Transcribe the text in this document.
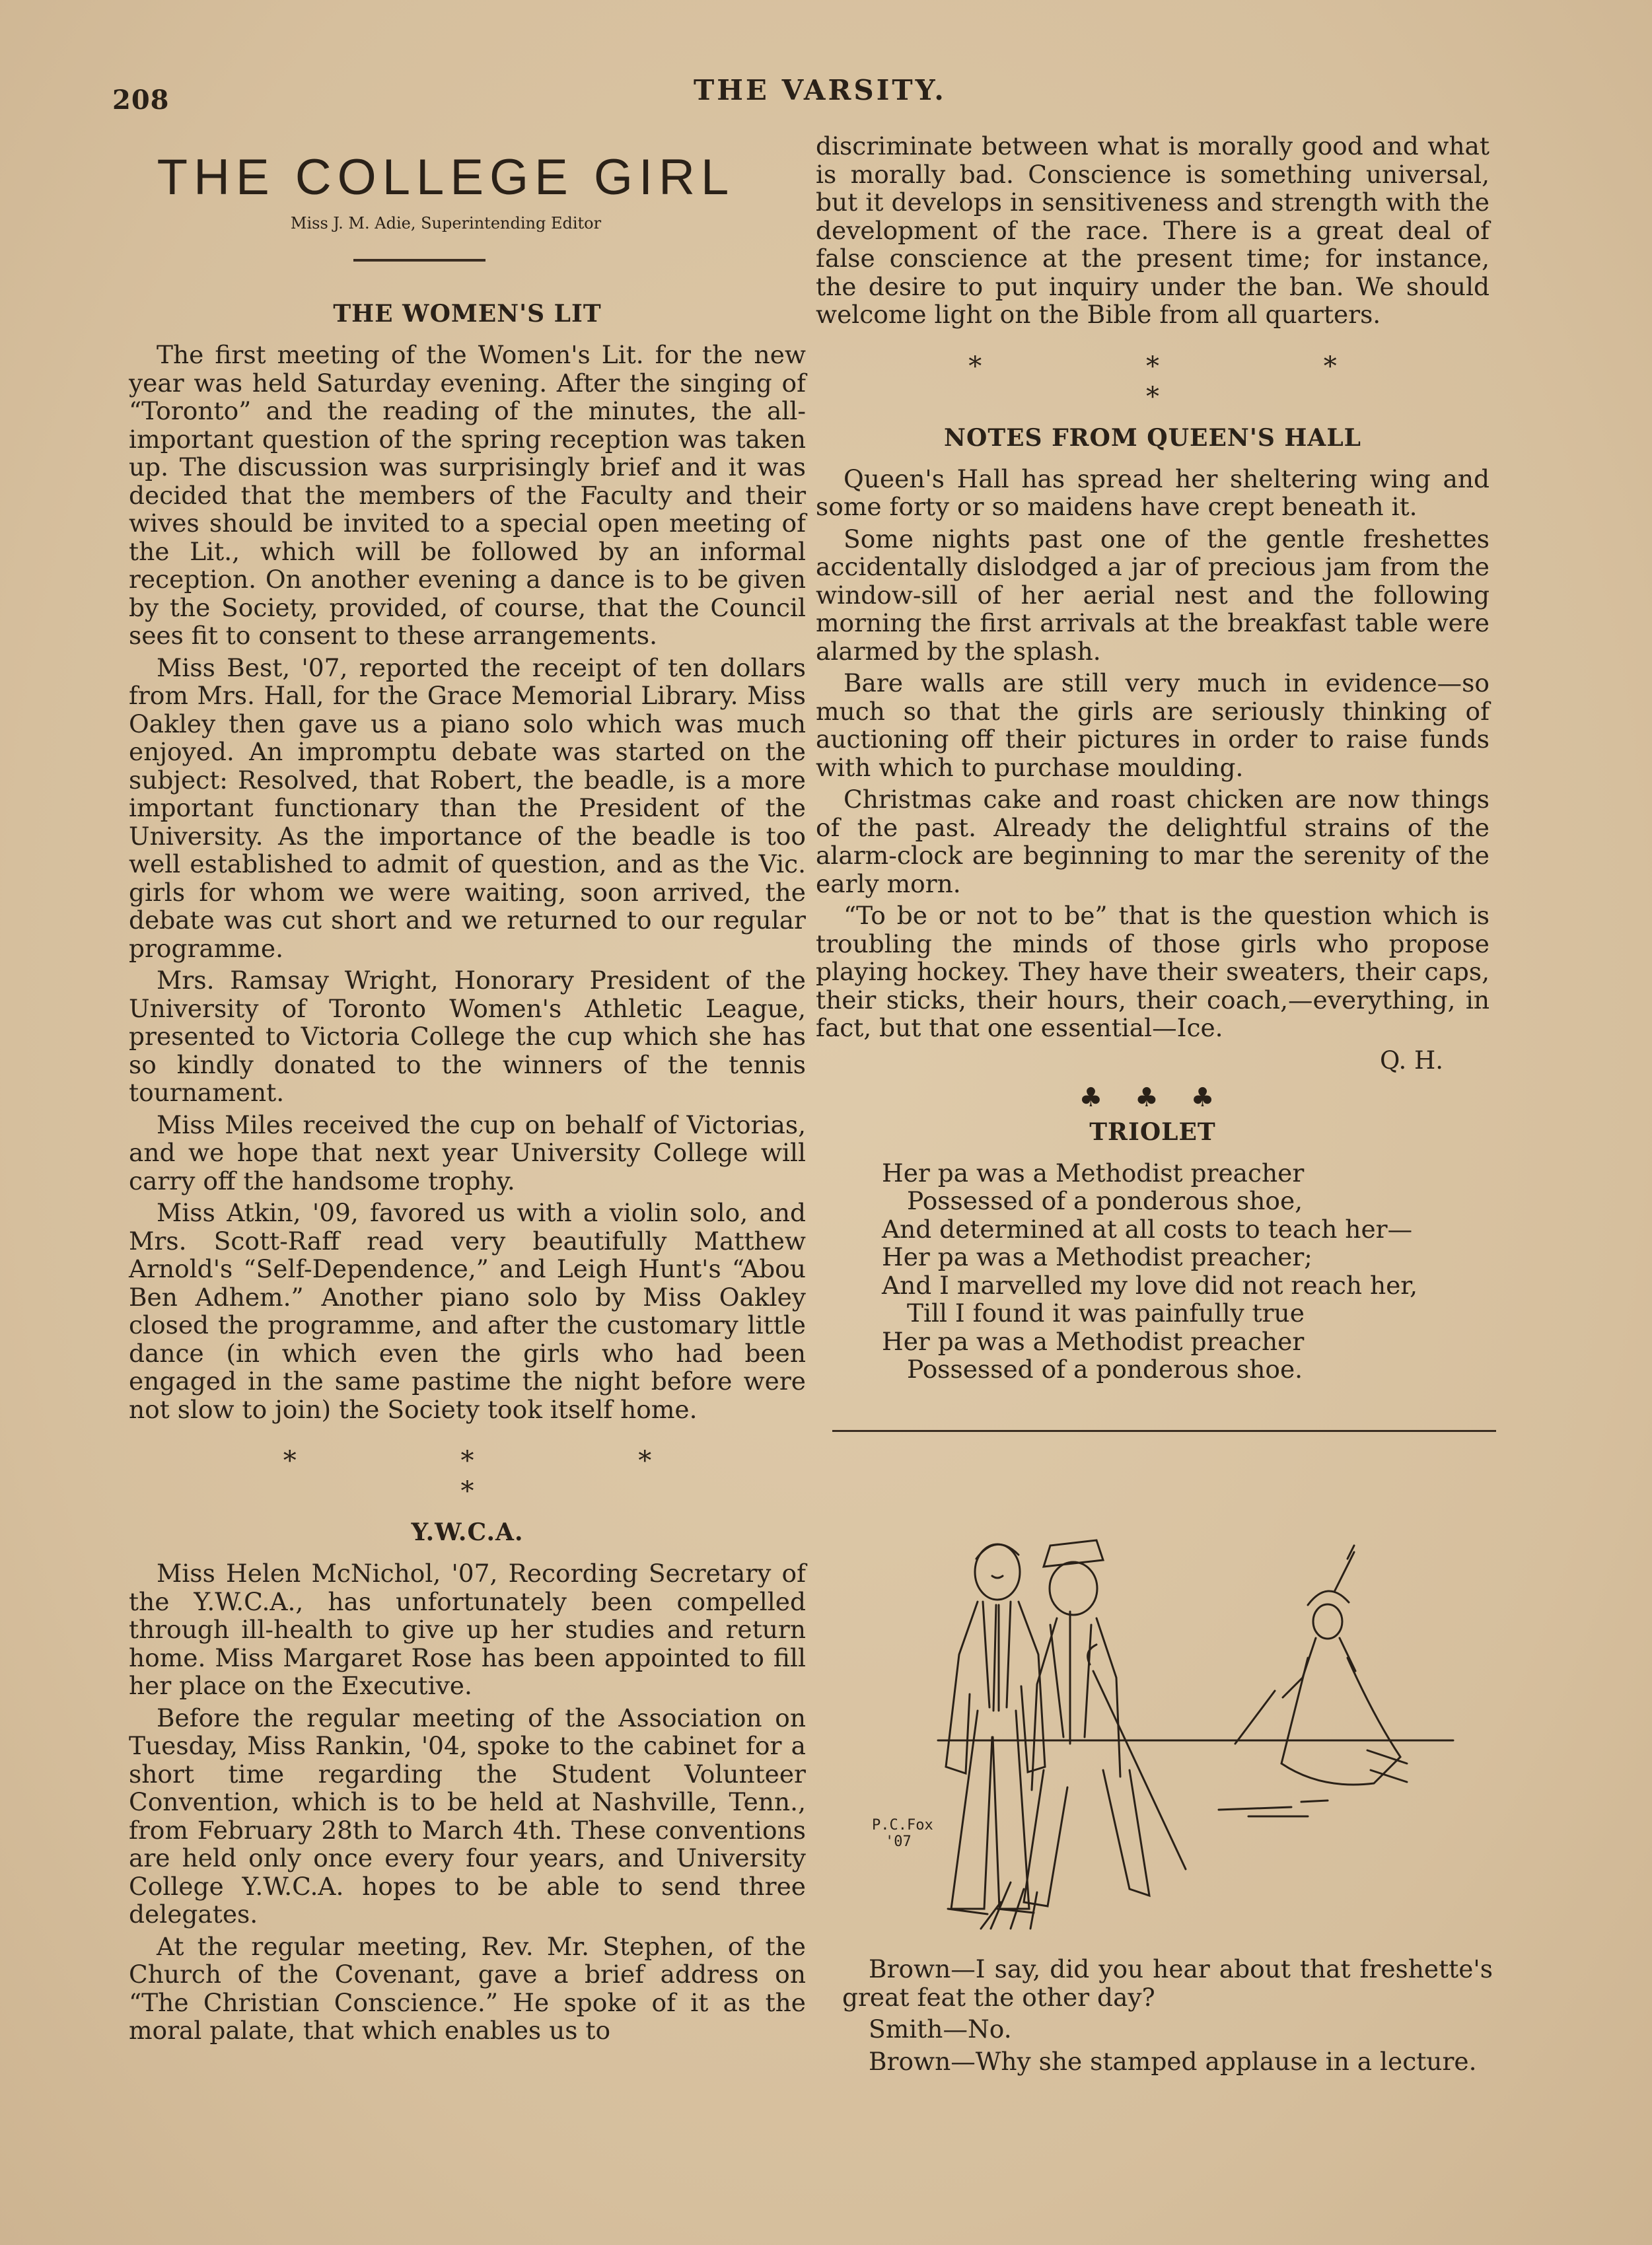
208	THE VARSITY.
THE COLLEGE GIRL
Miss J. M. Adie, Superintending Editor
THE WOMEN'S LIT

The first meeting of the Women's Lit. for the new year was held Saturday evening. After the singing of “Toronto” and the reading of the minutes, the all-important question of the spring reception was taken up. The discussion was surprisingly brief and it was decided that the members of the Faculty and their wives should be invited to a special open meeting of the Lit., which will be followed by an informal reception. On another evening a dance is to be given by the Society, provided, of course, that the Council sees fit to consent to these arrangements.

Miss Best, '07, reported the receipt of ten dollars from Mrs. Hall, for the Grace Memorial Library. Miss Oakley then gave us a piano solo which was much enjoyed. An impromptu debate was started on the subject: Resolved, that Robert, the beadle, is a more important functionary than the President of the University. As the importance of the beadle is too well established to admit of question, and as the Vic. girls for whom we were waiting, soon arrived, the debate was cut short and we returned to our regular programme.

Mrs. Ramsay Wright, Honorary President of the University of Toronto Women's Athletic League, presented to Victoria College the cup which she has so kindly donated to the winners of the tennis tournament.

Miss Miles received the cup on behalf of Victorias, and we hope that next year University College will carry off the handsome trophy.

Miss Atkin, '09, favored us with a violin solo, and Mrs. Scott-Raff read very beautifully Matthew Arnold's “Self-Dependence,” and Leigh Hunt's “Abou Ben Adhem.” Another piano solo by Miss Oakley closed the programme, and after the customary little dance (in which even the girls who had been engaged in the same pastime the night before were not slow to join) the Society took itself home.

* * * *
Y.W.C.A.

Miss Helen McNichol, '07, Recording Secretary of the Y.W.C.A., has unfortunately been compelled through ill-health to give up her studies and return home. Miss Margaret Rose has been appointed to fill her place on the Executive.

Before the regular meeting of the Association on Tuesday, Miss Rankin, '04, spoke to the cabinet for a short time regarding the Student Volunteer Convention, which is to be held at Nashville, Tenn., from February 28th to March 4th. These conventions are held only once every four years, and University College Y.W.C.A. hopes to be able to send three delegates.

At the regular meeting, Rev. Mr. Stephen, of the Church of the Covenant, gave a brief address on “The Christian Conscience.” He spoke of it as the moral palate, that which enables us to

discriminate between what is morally good and what is morally bad. Conscience is something universal, but it develops in sensitiveness and strength with the development of the race. There is a great deal of false conscience at the present time; for instance, the desire to put inquiry under the ban. We should welcome light on the Bible from all quarters.

* * * *
NOTES FROM QUEEN'S HALL

Queen's Hall has spread her sheltering wing and some forty or so maidens have crept beneath it.

Some nights past one of the gentle freshettes accidentally dislodged a jar of precious jam from the window-sill of her aerial nest and the following morning the first arrivals at the breakfast table were alarmed by the splash.

Bare walls are still very much in evidence—so much so that the girls are seriously thinking of auctioning off their pictures in order to raise funds with which to purchase moulding.

Christmas cake and roast chicken are now things of the past. Already the delightful strains of the alarm-clock are beginning to mar the serenity of the early morn.

“To be or not to be” that is the question which is troubling the minds of those girls who propose playing hockey. They have their sweaters, their caps, their sticks, their hours, their coach,—everything, in fact, but that one essential—Ice.

Q. H.
♣ ♣ ♣
TRIOLET
Her pa was a Methodist preacher
Possessed of a ponderous shoe,
And determined at all costs to teach her—
Her pa was a Methodist preacher;
And I marvelled my love did not reach her,
Till I found it was painfully true
Her pa was a Methodist preacher
Possessed of a ponderous shoe.
P.C.Fox
'07

Brown—I say, did you hear about that freshette's great feat the other day?

Smith—No.

Brown—Why she stamped applause in a lecture.
